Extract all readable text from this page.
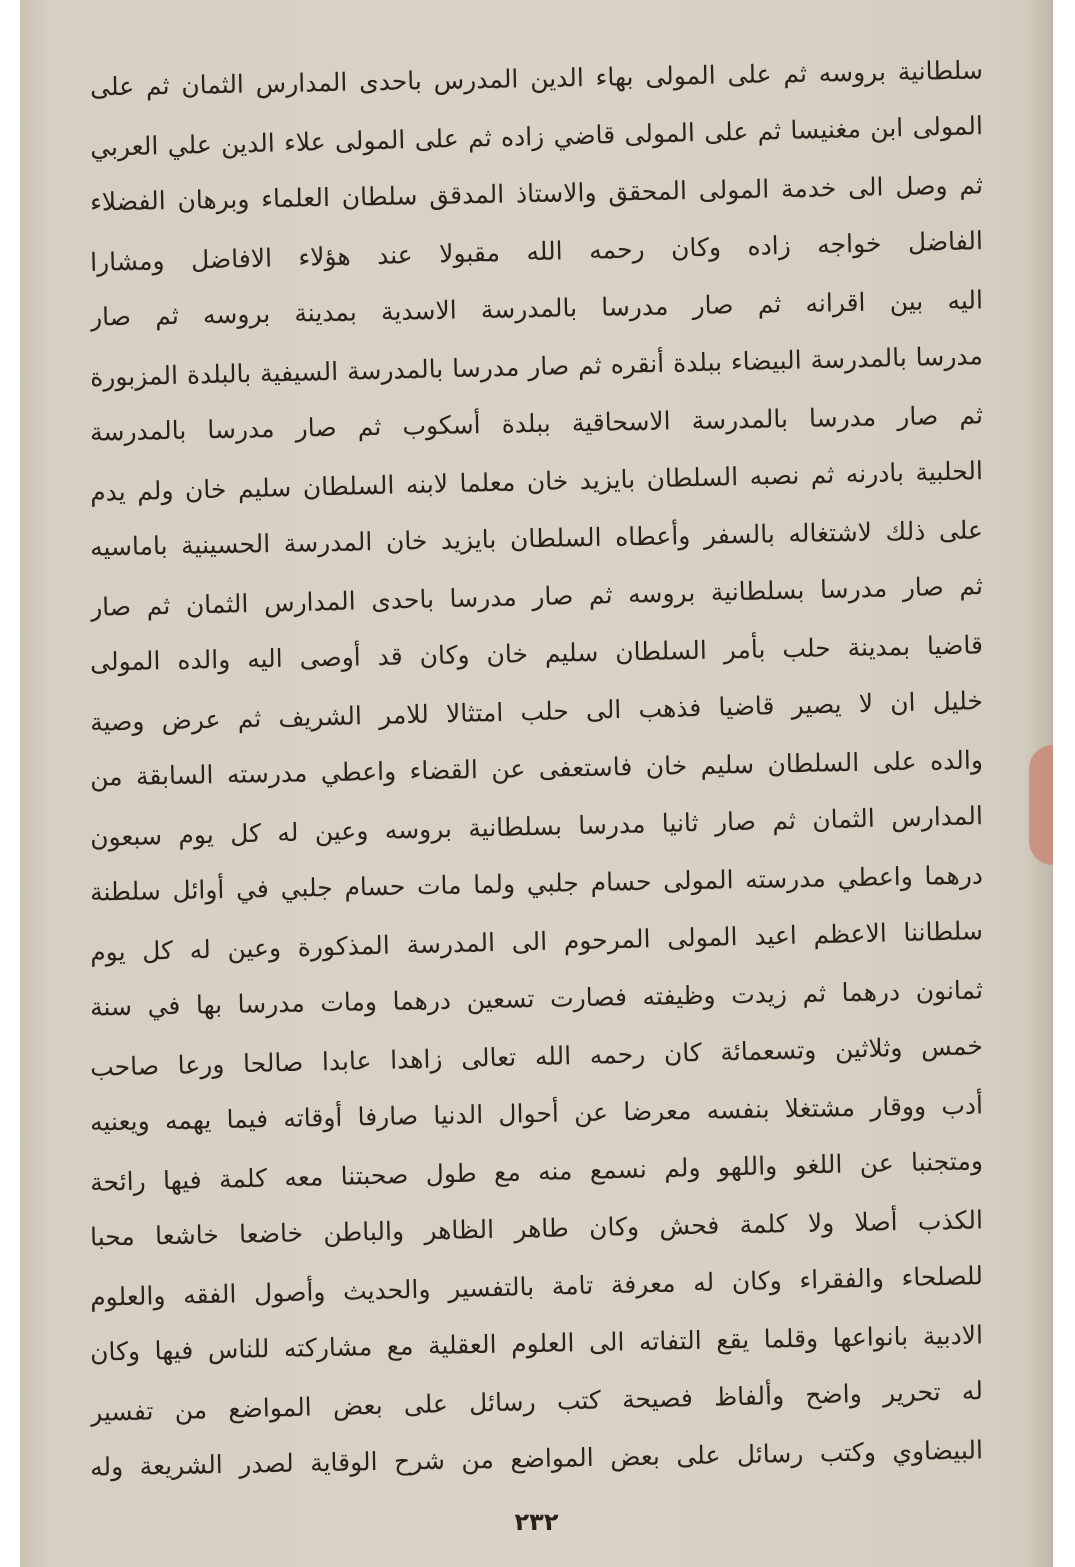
سلطانية بروسه ثم على المولى بهاء الدين المدرس باحدى المدارس الثمان ثم على
المولى ابن مغنيسا ثم على المولى قاضي زاده ثم على المولى علاء الدين علي العربي
ثم وصل الى خدمة المولى المحقق والاستاذ المدقق سلطان العلماء وبرهان الفضلاء
الفاضل خواجه زاده وكان رحمه الله مقبولا عند هؤلاء الافاضل ومشارا
اليه بين اقرانه ثم صار مدرسا بالمدرسة الاسدية بمدينة بروسه ثم صار
مدرسا بالمدرسة البيضاء ببلدة أنقره ثم صار مدرسا بالمدرسة السيفية بالبلدة المزبورة
ثم صار مدرسا بالمدرسة الاسحاقية ببلدة أسكوب ثم صار مدرسا بالمدرسة
الحلبية بادرنه ثم نصبه السلطان بايزيد خان معلما لابنه السلطان سليم خان ولم يدم
على ذلك لاشتغاله بالسفر وأعطاه السلطان بايزيد خان المدرسة الحسينية باماسيه
ثم صار مدرسا بسلطانية بروسه ثم صار مدرسا باحدى المدارس الثمان ثم صار
قاضيا بمدينة حلب بأمر السلطان سليم خان وكان قد أوصى اليه والده المولى
خليل ان لا يصير قاضيا فذهب الى حلب امتثالا للامر الشريف ثم عرض وصية
والده على السلطان سليم خان فاستعفى عن القضاء واعطي مدرسته السابقة من
المدارس الثمان ثم صار ثانيا مدرسا بسلطانية بروسه وعين له كل يوم سبعون
درهما واعطي مدرسته المولى حسام جلبي ولما مات حسام جلبي في أوائل سلطنة
سلطاننا الاعظم اعيد المولى المرحوم الى المدرسة المذكورة وعين له كل يوم
ثمانون درهما ثم زيدت وظيفته فصارت تسعين درهما ومات مدرسا بها في سنة
خمس وثلاثين وتسعمائة كان رحمه الله تعالى زاهدا عابدا صالحا ورعا صاحب
أدب ووقار مشتغلا بنفسه معرضا عن أحوال الدنيا صارفا أوقاته فيما يهمه ويعنيه
ومتجنبا عن اللغو واللهو ولم نسمع منه مع طول صحبتنا معه كلمة فيها رائحة
الكذب أصلا ولا كلمة فحش وكان طاهر الظاهر والباطن خاضعا خاشعا محبا
للصلحاء والفقراء وكان له معرفة تامة بالتفسير والحديث وأصول الفقه والعلوم
الادبية بانواعها وقلما يقع التفاته الى العلوم العقلية مع مشاركته للناس فيها وكان
له تحرير واضح وألفاظ فصيحة كتب رسائل على بعض المواضع من تفسير
البيضاوي وكتب رسائل على بعض المواضع من شرح الوقاية لصدر الشريعة وله
٢٣٢
